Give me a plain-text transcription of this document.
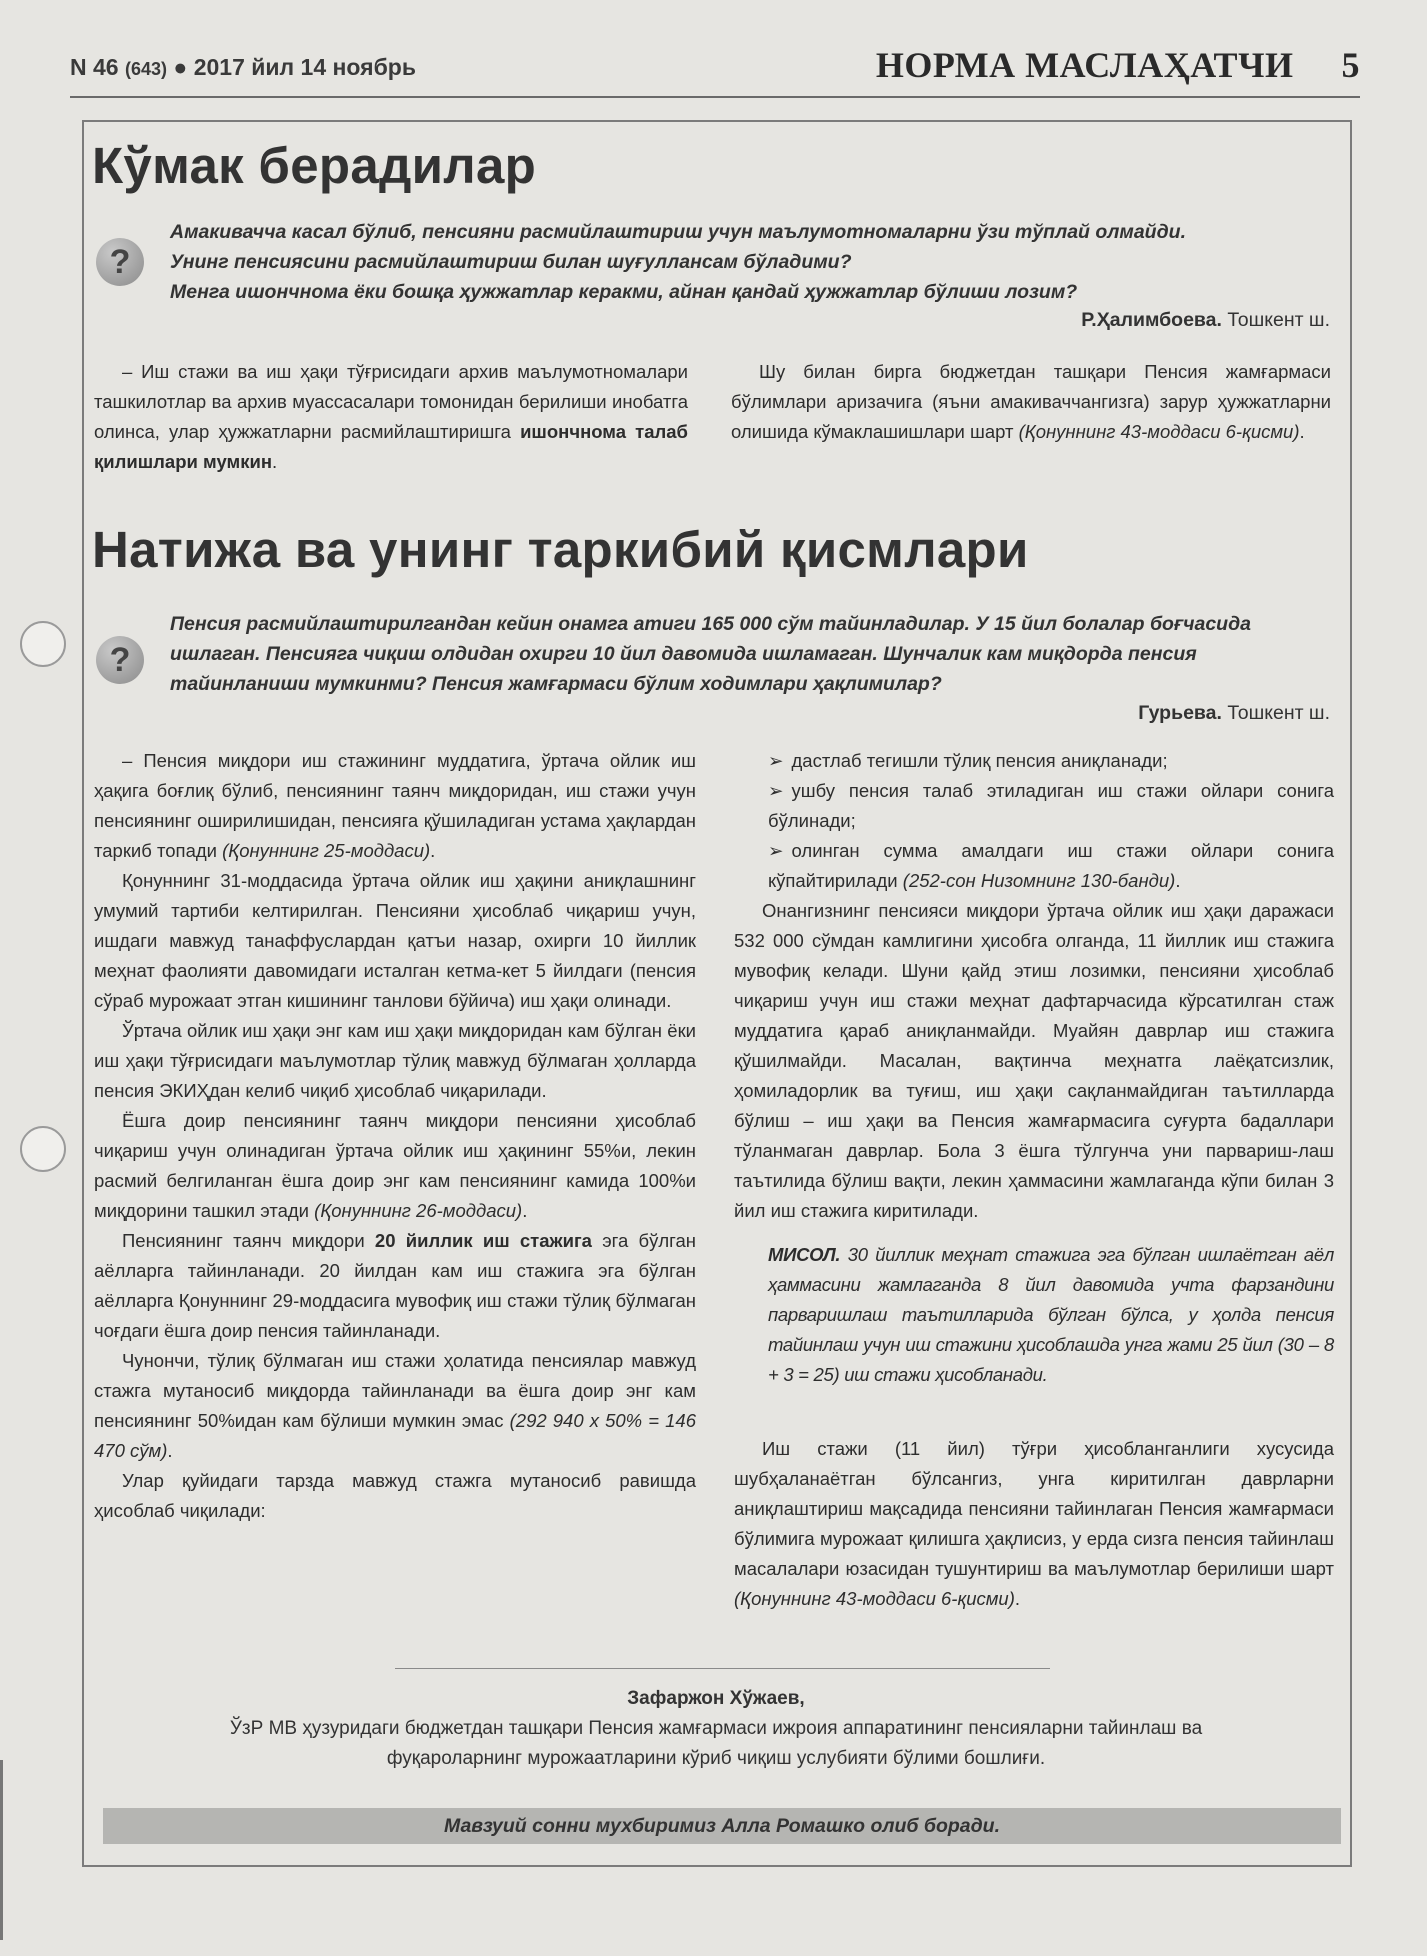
N 46 (643) ● 2017 йил 14 ноябрь	НОРМА МАСЛАҲАТЧИ 5
Кўмак берадилар
?

Амакивачча касал бўлиб, пенсияни расмийлаштириш учун маълумотномаларни ўзи тўплай олмайди.

Унинг пенсиясини расмийлаштириш билан шуғуллансам бўладими?

Менга ишончнома ёки бошқа ҳужжатлар керакми, айнан қандай ҳужжатлар бўлиши лозим?

Р.Ҳалимбоева. Тошкент ш.

– Иш стажи ва иш ҳақи тўғрисидаги архив маълумотномалари ташкилотлар ва архив муассасалари томонидан берилиши инобатга олинса, улар ҳужжатларни расмийлаштиришга ишончнома талаб қилишлари мумкин.

Шу билан бирга бюджетдан ташқари Пенсия жамғармаси бўлимлари аризачига (яъни амакиваччангизга) зарур ҳужжатларни олишида кўмаклашишлари шарт (Қонуннинг 43-моддаси 6-қисми).

Натижа ва унинг таркибий қисмлари
?

Пенсия расмийлаштирилгандан кейин онамга атиги 165 000 сўм тайинладилар. У 15 йил болалар боғчасида ишлаган. Пенсияга чиқиш олдидан охирги 10 йил давомида ишламаган. Шунчалик кам миқдорда пенсия тайинланиши мумкинми? Пенсия жамғармаси бўлим ходимлари ҳақлимилар?

Гурьева. Тошкент ш.

– Пенсия миқдори иш стажининг муддатига, ўртача ойлик иш ҳақига боғлиқ бўлиб, пенсиянинг таянч миқдоридан, иш стажи учун пенсиянинг оширилишидан, пенсияга қўшиладиган устама ҳақлардан таркиб топади (Қонуннинг 25-моддаси).

Қонуннинг 31-моддасида ўртача ойлик иш ҳақини аниқлашнинг умумий тартиби келтирилган. Пенсияни ҳисоблаб чиқариш учун, ишдаги мавжуд танаффуслардан қатъи назар, охирги 10 йиллик меҳнат фаолияти давомидаги исталган кетма-кет 5 йилдаги (пенсия сўраб мурожаат этган кишининг танлови бўйича) иш ҳақи олинади.

Ўртача ойлик иш ҳақи энг кам иш ҳақи миқдоридан кам бўлган ёки иш ҳақи тўғрисидаги маълумотлар тўлиқ мавжуд бўлмаган ҳолларда пенсия ЭКИҲдан келиб чиқиб ҳисоблаб чиқарилади.

Ёшга доир пенсиянинг таянч миқдори пенсияни ҳисоблаб чиқариш учун олинадиган ўртача ойлик иш ҳақининг 55%и, лекин расмий белгиланган ёшга доир энг кам пенсиянинг камида 100%и миқдорини ташкил этади (Қонуннинг 26-моддаси).

Пенсиянинг таянч миқдори 20 йиллик иш стажига эга бўлган аёлларга тайинланади. 20 йилдан кам иш стажига эга бўлган аёлларга Қонуннинг 29-моддасига мувофиқ иш стажи тўлиқ бўлмаган чоғдаги ёшга доир пенсия тайинланади.

Чунончи, тўлиқ бўлмаган иш стажи ҳолатида пенсиялар мавжуд стажга мутаносиб миқдорда тайинланади ва ёшга доир энг кам пенсиянинг 50%идан кам бўлиши мумкин эмас (292 940 х 50% = 146 470 сўм).

Улар қуйидаги тарзда мавжуд стажга мутаносиб равишда ҳисоблаб чиқилади:

➢ дастлаб тегишли тўлиқ пенсия аниқланади;

➢ ушбу пенсия талаб этиладиган иш стажи ойлари сонига бўлинади;

➢ олинган сумма амалдаги иш стажи ойлари сонига кўпайтирилади (252-сон Низомнинг 130-банди).

Онангизнинг пенсияси миқдори ўртача ойлик иш ҳақи даражаси 532 000 сўмдан камлигини ҳисобга олганда, 11 йиллик иш стажига мувофиқ келади. Шуни қайд этиш лозимки, пенсияни ҳисоблаб чиқариш учун иш стажи меҳнат дафтарчасида кўрсатилган стаж муддатига қараб аниқланмайди. Муайян даврлар иш стажига қўшилмайди. Масалан, вақтинча меҳнатга лаёқатсизлик, ҳомиладорлик ва туғиш, иш ҳақи сақланмайдиган таътилларда бўлиш – иш ҳақи ва Пенсия жамғармасига суғурта бадаллари тўланмаган даврлар. Бола 3 ёшга тўлгунча уни парвариш-лаш таътилида бўлиш вақти, лекин ҳаммасини жамлаганда кўпи билан 3 йил иш стажига киритилади.

МИСОЛ. 30 йиллик меҳнат стажига эга бўлган ишлаётган аёл ҳаммасини жамлаганда 8 йил давомида учта фарзандини парваришлаш таътилларида бўлган бўлса, у ҳолда пенсия тайинлаш учун иш стажини ҳисоблашда унга жами 25 йил (30 – 8 + 3 = 25) иш стажи ҳисобланади.

Иш стажи (11 йил) тўғри ҳисобланганлиги хусусида шубҳаланаётган бўлсангиз, унга киритилган даврларни аниқлаштириш мақсадида пенсияни тайинлаган Пенсия жамғармаси бўлимига мурожаат қилишга ҳақлисиз, у ерда сизга пенсия тайинлаш масалалари юзасидан тушунтириш ва маълумотлар берилиши шарт (Қонуннинг 43-моддаси 6-қисми).

Зафаржон Хўжаев,
ЎзР МВ ҳузуридаги бюджетдан ташқари Пенсия жамғармаси ижроия аппаратининг пенсияларни тайинлаш ва
фуқароларнинг мурожаатларини кўриб чиқиш услубияти бўлими бошлиғи.
Мавзуий сонни мухбиримиз Алла Ромашко олиб боради.
